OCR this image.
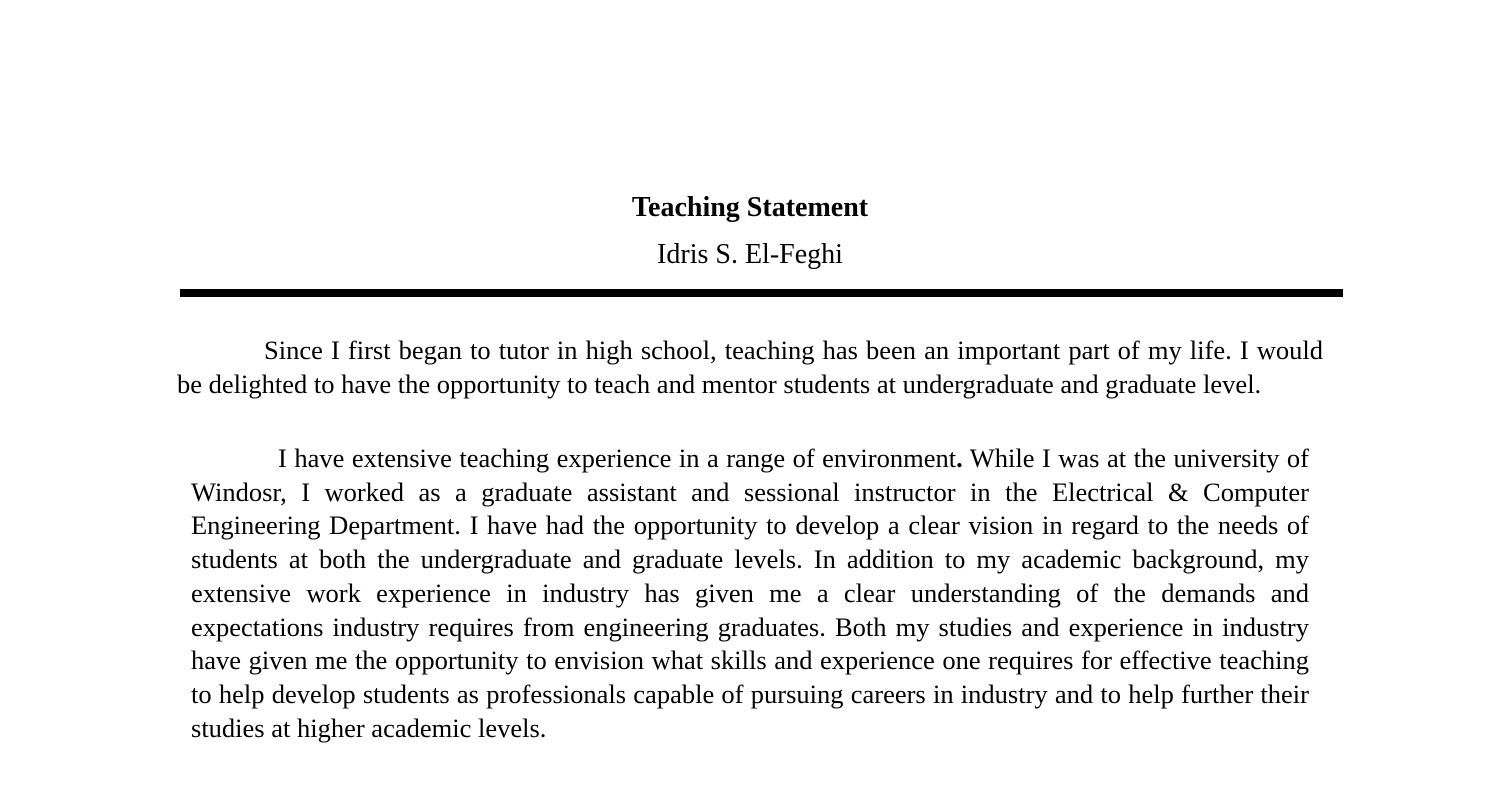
Teaching Statement
Idris S. El-Feghi

Since I first began to tutor in high school, teaching has been an important part of my life. I would be delighted to have the opportunity to teach and mentor students at undergraduate and graduate level.

I have extensive teaching experience in a range of environment. While I was at the university of Windosr, I worked as a graduate assistant and sessional instructor in the Electrical & Computer Engineering Department. I have had the opportunity to develop a clear vision in regard to the needs of students at both the undergraduate and graduate levels. In addition to my academic background, my extensive work experience in industry has given me a clear understanding of the demands and expectations industry requires from engineering graduates. Both my studies and experience in industry have given me the opportunity to envision what skills and experience one requires for effective teaching to help develop students as professionals capable of pursuing careers in industry and to help further their studies at higher academic levels.
